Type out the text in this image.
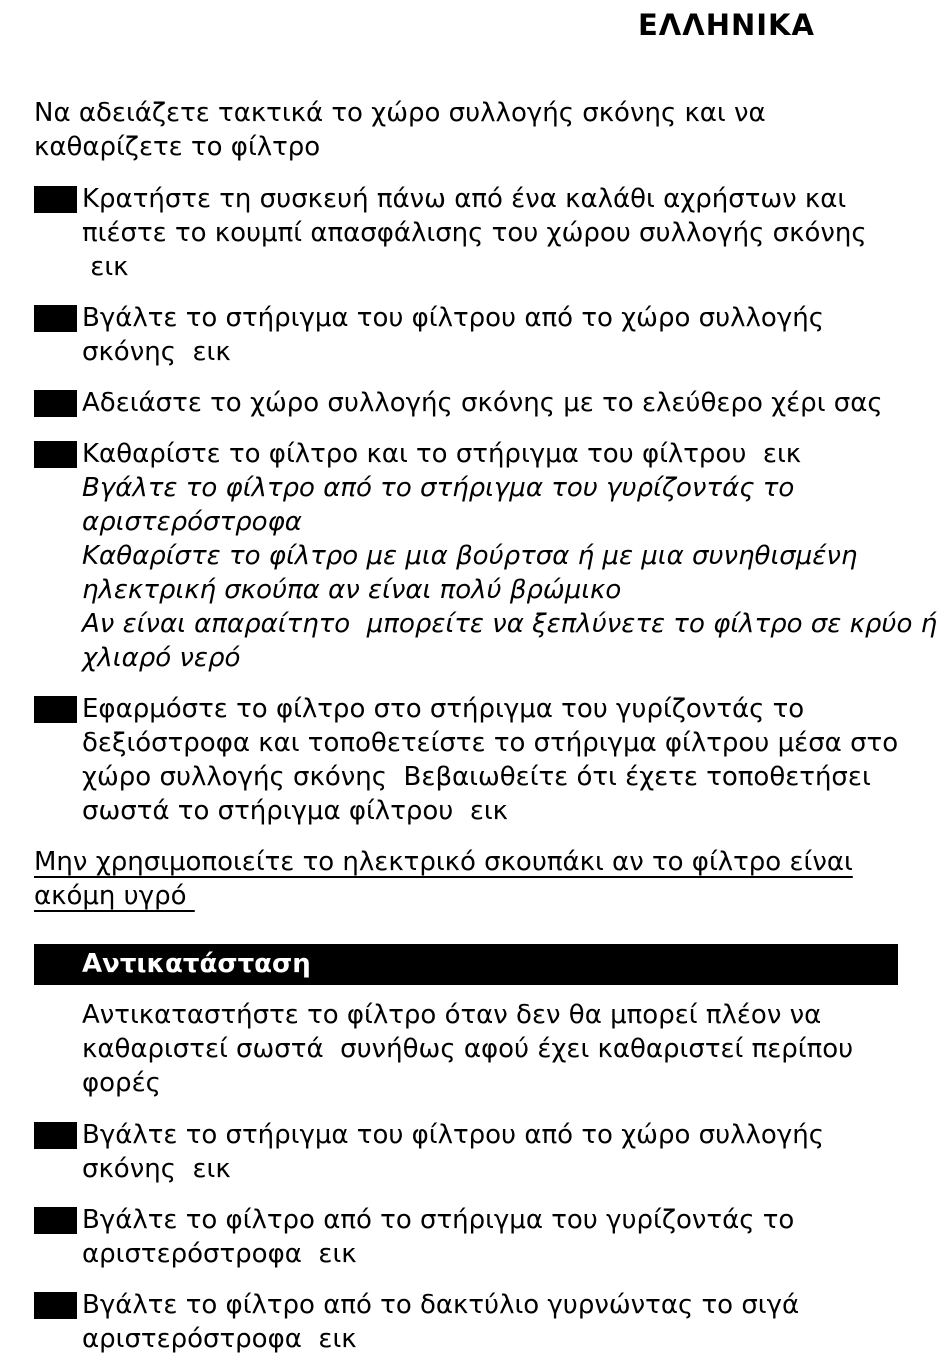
ΕΛΛΗΝΙΚΑ
Να αδειάζετε τακτικά το χώρο συλλογής σκόνης και να
καθαρίζετε το φίλτρο
Κρατήστε τη συσκευή πάνω από ένα καλάθι αχρήστων και
πιέστε το κουμπί απασφάλισης του χώρου συλλογής σκόνης
εικ
Βγάλτε το στήριγμα του φίλτρου από το χώρο συλλογής
σκόνης  εικ
Αδειάστε το χώρο συλλογής σκόνης με το ελεύθερο χέρι σας
Καθαρίστε το φίλτρο και το στήριγμα του φίλτρου  εικ
Βγάλτε το φίλτρο από το στήριγμα του γυρίζοντάς το
αριστερόστροφα
Καθαρίστε το φίλτρο με μια βούρτσα ή με μια συνηθισμένη
ηλεκτρική σκούπα αν είναι πολύ βρώμικο
Αν είναι απαραίτητο  μπορείτε να ξεπλύνετε το φίλτρο σε κρύο ή
χλιαρό νερό
Εφαρμόστε το φίλτρο στο στήριγμα του γυρίζοντάς το
δεξιόστροφα και τοποθετείστε το στήριγμα φίλτρου μέσα στο
χώρο συλλογής σκόνης  Βεβαιωθείτε ότι έχετε τοποθετήσει
σωστά το στήριγμα φίλτρου  εικ
Μην χρησιμοποιείτε το ηλεκτρικό σκουπάκι αν το φίλτρο είναι
ακόμη υγρό
Αντικατάσταση
Αντικαταστήστε το φίλτρο όταν δεν θα μπορεί πλέον να
καθαριστεί σωστά  συνήθως αφού έχει καθαριστεί περίπου
φορές
Βγάλτε το στήριγμα του φίλτρου από το χώρο συλλογής
σκόνης  εικ
Βγάλτε το φίλτρο από το στήριγμα του γυρίζοντάς το
αριστερόστροφα  εικ
Βγάλτε το φίλτρο από το δακτύλιο γυρνώντας το σιγά
αριστερόστροφα  εικ
